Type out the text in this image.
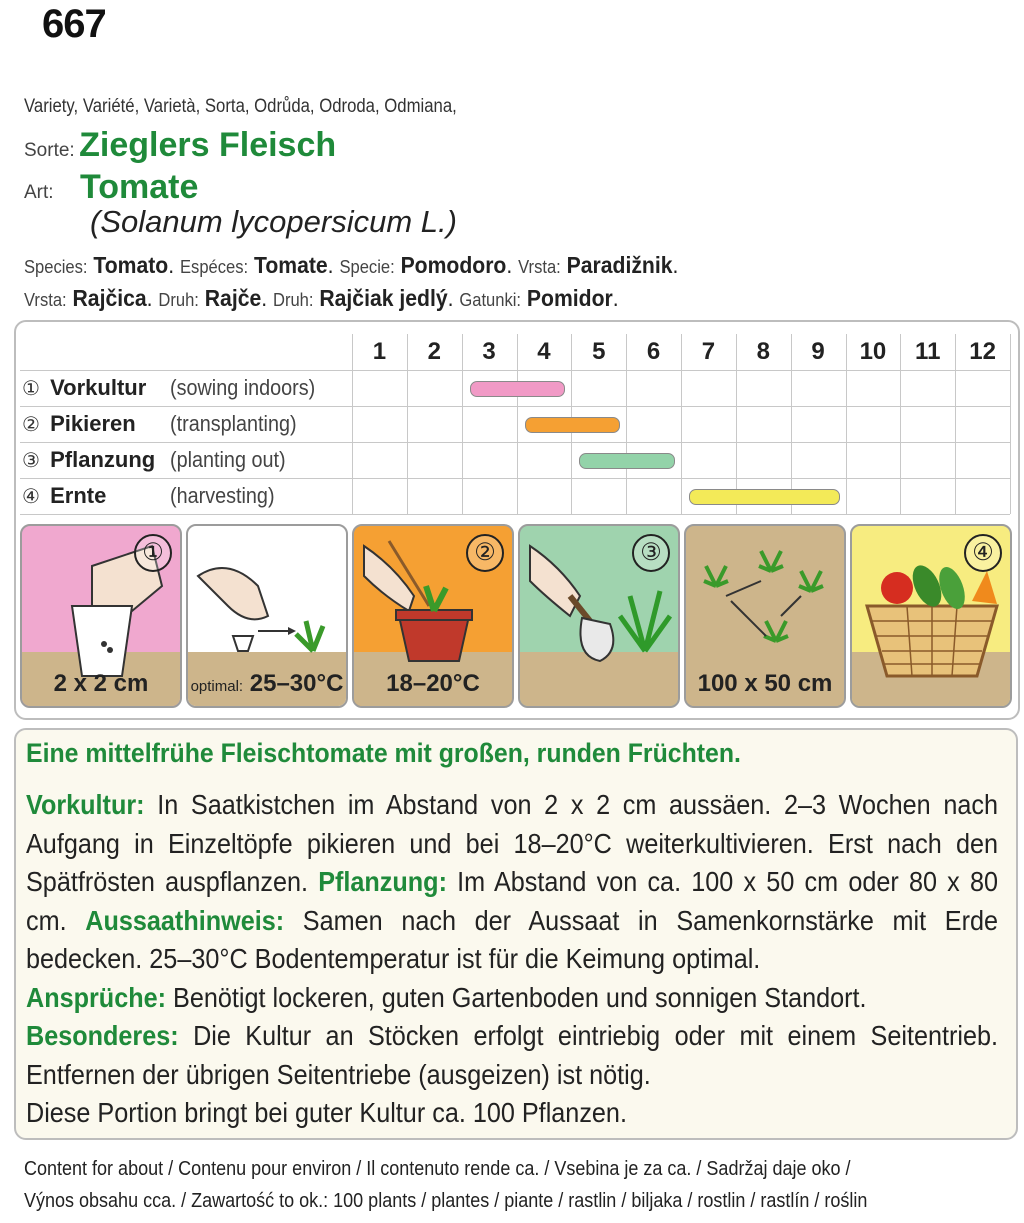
667
Variety, Variété, Varietà, Sorta, Odrůda, Odroda, Odmiana,
Sorte: Zieglers Fleisch
Art: Tomate
(Solanum lycopersicum L.)
Species: Tomato. Espéces: Tomate. Specie: Pomodoro. Vrsta: Paradižnik.
Vrsta: Rajčica. Druh: Rajče. Druh: Rajčiak jedlý. Gatunki: Pomidor.
1	2	3	4	5	6	7	8	9	10	11	12
① Vorkultur (sowing indoors)
② Pikieren (transplanting)
③ Pflanzung (planting out)
④ Ernte	(harvesting)
①
2 x 2 cm	optimal: 25–30°C
②
18–20°C
③
100 x 50 cm
④
Eine mittelfrühe Fleischtomate mit großen, runden Früchten.
Vorkultur: In Saatkistchen im Abstand von 2 x 2 cm aussäen. 2–3 Wochen nach Aufgang in Einzeltöpfe pikieren und bei 18–20°C weiterkultivieren. Erst nach den Spätfrösten auspflanzen. Pflanzung: Im Abstand von ca. 100 x 50 cm oder 80 x 80 cm. Aussaathinweis: Samen nach der Aussaat in Samenkornstärke mit Erde bedecken. 25–30°C Bodentemperatur ist für die Keimung optimal.
Ansprüche: Benötigt lockeren, guten Gartenboden und sonnigen Standort.
Besonderes: Die Kultur an Stöcken erfolgt eintriebig oder mit einem Seitentrieb. Entfernen der übrigen Seitentriebe (ausgeizen) ist nötig.
Diese Portion bringt bei guter Kultur ca. 100 Pflanzen.
Content for about / Contenu pour environ / Il contenuto rende ca. / Vsebina je za ca. / Sadržaj daje oko /
Výnos obsahu cca. / Zawartość to ok.: 100 plants / plantes / piante / rastlin / biljaka / rostlin / rastlín / roślin
